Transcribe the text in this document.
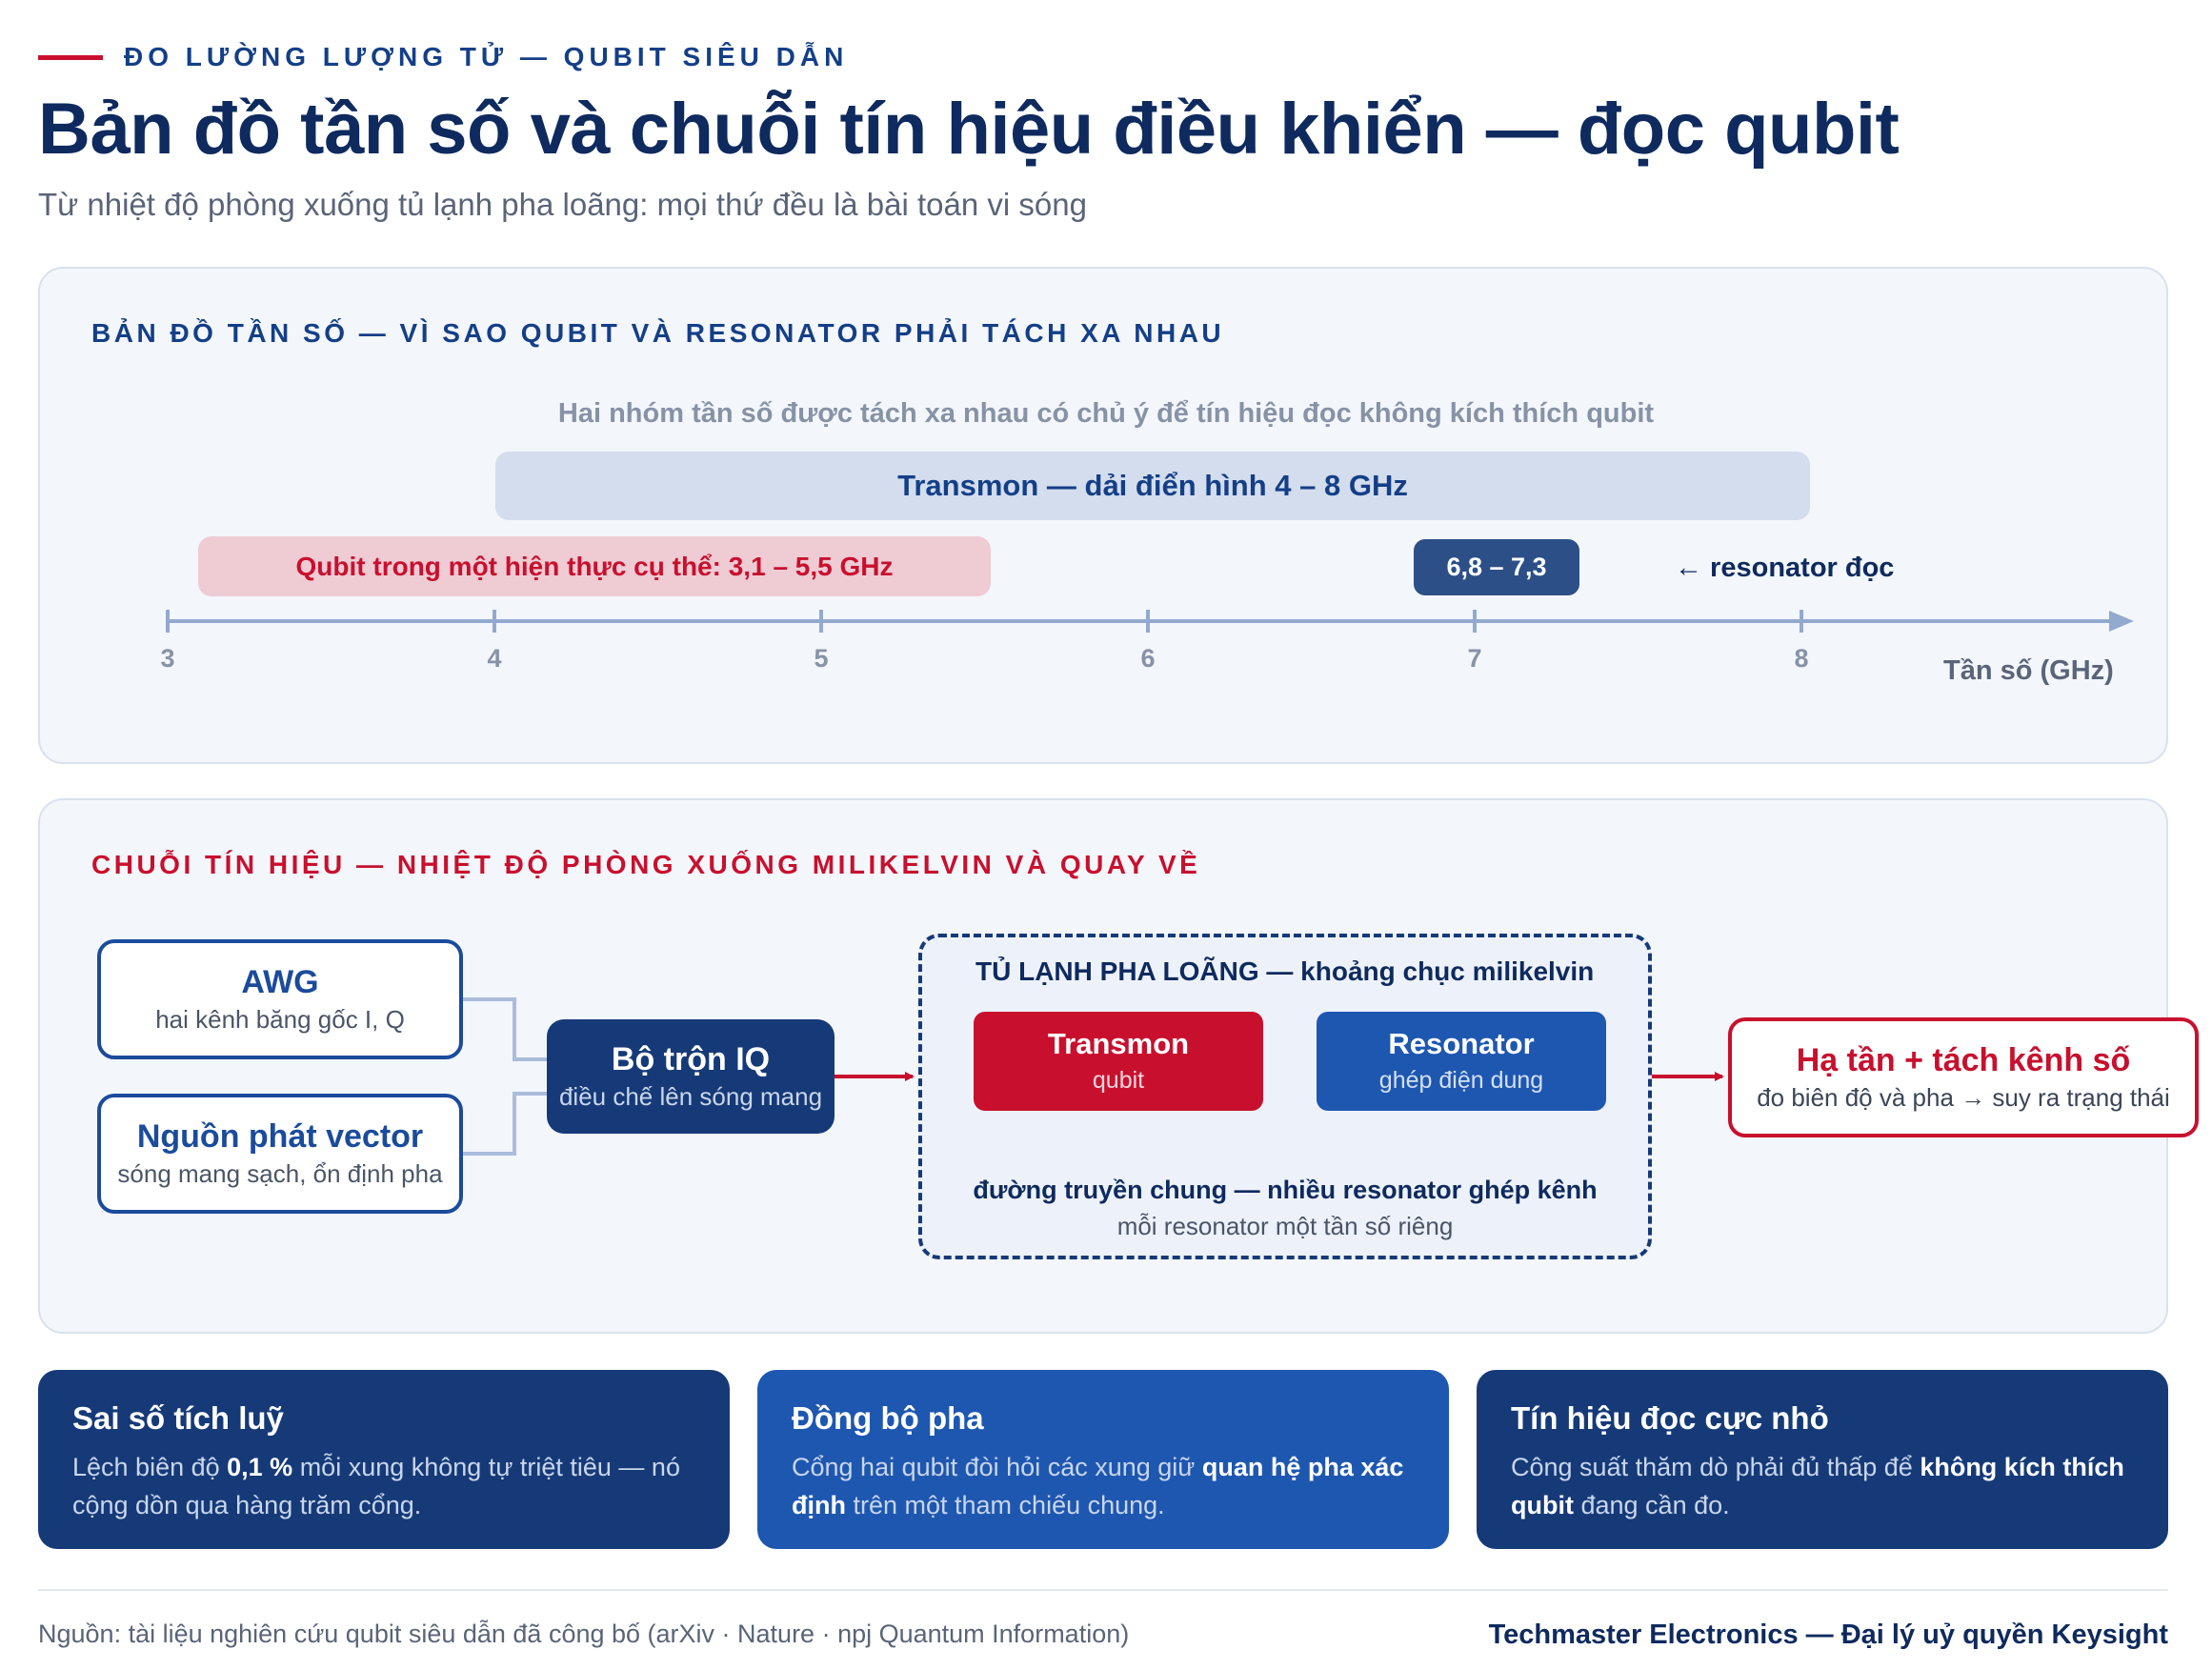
ĐO LƯỜNG LƯỢNG TỬ — QUBIT SIÊU DẪN
Bản đồ tần số và chuỗi tín hiệu điều khiển — đọc qubit
Từ nhiệt độ phòng xuống tủ lạnh pha loãng: mọi thứ đều là bài toán vi sóng
BẢN ĐỒ TẦN SỐ — VÌ SAO QUBIT VÀ RESONATOR PHẢI TÁCH XA NHAU
Hai nhóm tần số được tách xa nhau có chủ ý để tín hiệu đọc không kích thích qubit
Transmon — dải điển hình 4 – 8 GHz
Qubit trong một hiện thực cụ thể: 3,1 – 5,5 GHz	6,8 – 7,3	← resonator đọc
3	4	5	6	7	8	Tần số (GHz)
CHUỖI TÍN HIỆU — NHIỆT ĐỘ PHÒNG XUỐNG MILIKELVIN VÀ QUAY VỀ
AWG
hai kênh băng gốc I, Q
Nguồn phát vector
sóng mang sạch, ổn định pha
Bộ trộn IQ
điều chế lên sóng mang
TỦ LẠNH PHA LOÃNG — khoảng chục milikelvin
Transmon
qubit
Resonator
ghép điện dung
đường truyền chung — nhiều resonator ghép kênh
mỗi resonator một tần số riêng
Hạ tần + tách kênh số
đo biên độ và pha → suy ra trạng thái
Sai số tích luỹ
Lệch biên độ 0,1 % mỗi xung không tự triệt tiêu — nó cộng dồn qua hàng trăm cổng.
Đồng bộ pha
Cổng hai qubit đòi hỏi các xung giữ quan hệ pha xác định trên một tham chiếu chung.
Tín hiệu đọc cực nhỏ
Công suất thăm dò phải đủ thấp để không kích thích qubit đang cần đo.
Nguồn: tài liệu nghiên cứu qubit siêu dẫn đã công bố (arXiv · Nature · npj Quantum Information)	Techmaster Electronics — Đại lý uỷ quyền Keysight
